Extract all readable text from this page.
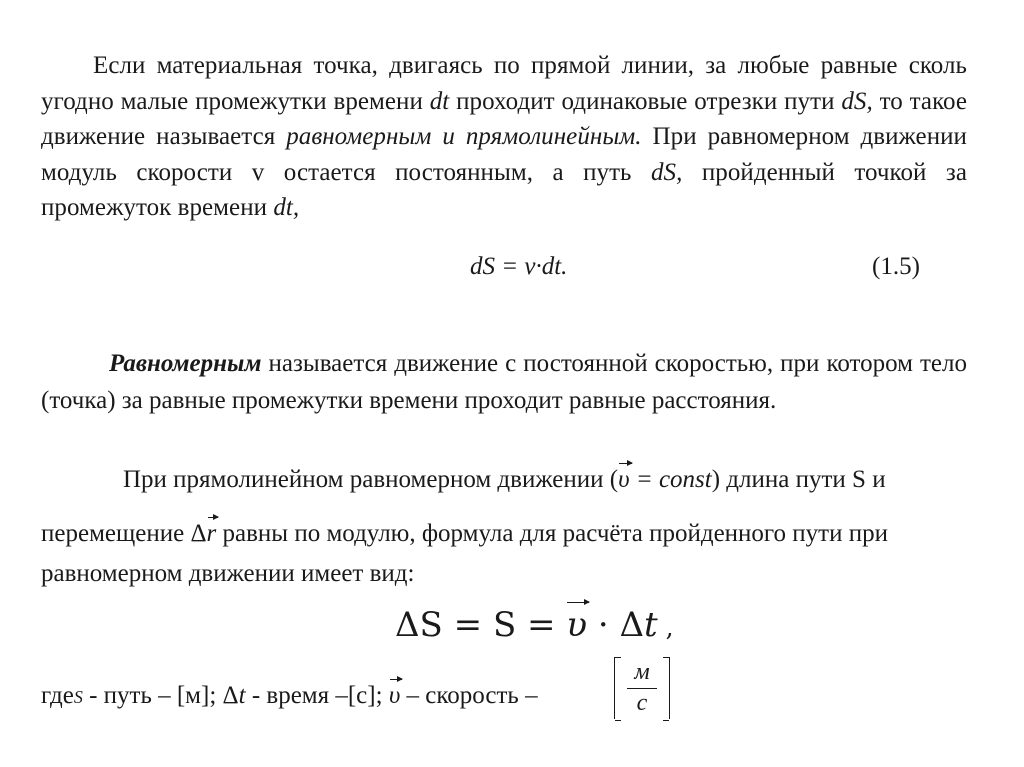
Если материальная точка, двигаясь по прямой линии, за любые равные сколь угодно малые промежутки времени dt проходит одинаковые отрезки пути dS, то такое движение называется равномерным и прямолинейным. При равномерном движении модуль скорости v остается постоянным, а путь dS, пройденный точкой за промежуток времени dt,

dS = v·dt.	(1.5)

Равномерным называется движение с постоянной скоростью, при котором тело (точка) за равные промежутки времени проходит равные расстояния.

При прямолинейном равномерном движении (υ = const) длина пути S и
перемещение Δr равны по модулю, формула для расчёта пройденного пути при
равномерном движении имеет вид:
ΔS = S = υ · Δt ,
гдеS - путь – [м]; Δt - время –[с]; υ – скорость –
м
с
